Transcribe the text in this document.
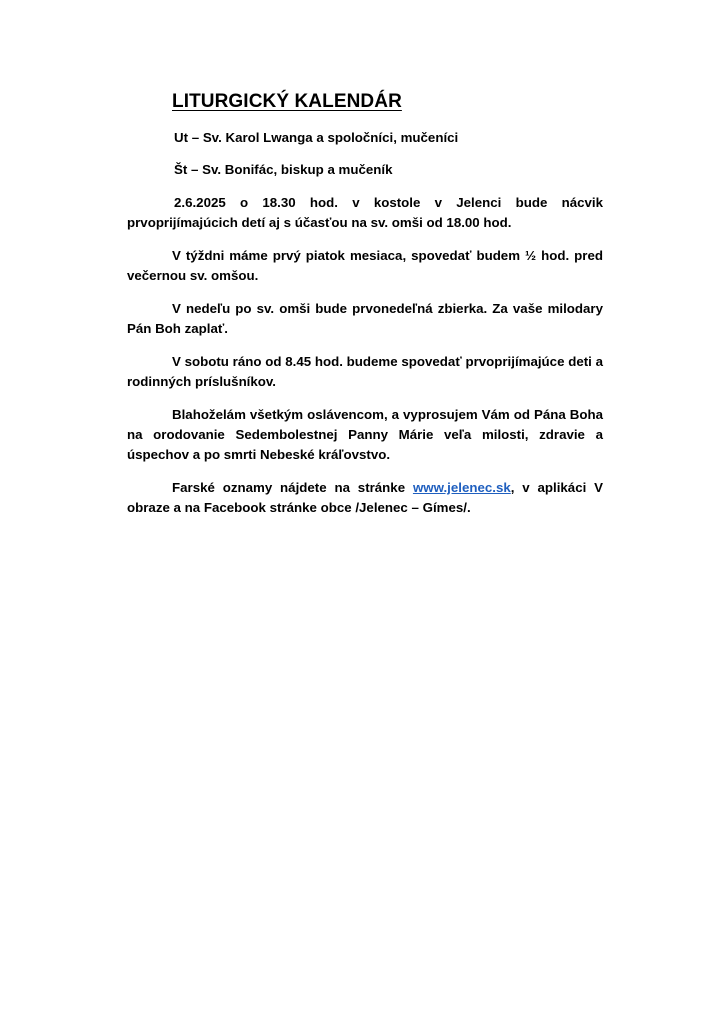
LITURGICKÝ KALENDÁR

Ut – Sv. Karol Lwanga a spoločníci, mučeníci

Št – Sv. Bonifác, biskup a mučeník

2.6.2025 o 18.30 hod. v kostole v Jelenci bude nácvik prvoprijímajúcich detí aj s účasťou na sv. omši od 18.00 hod.

V týždni máme prvý piatok mesiaca, spovedať budem ½ hod. pred večernou sv. omšou.

V nedeľu po sv. omši bude prvonedeľná zbierka. Za vaše milodary Pán Boh zaplať.

V sobotu ráno od 8.45 hod. budeme spovedať prvoprijímajúce deti a rodinných príslušníkov.

Blahoželám všetkým oslávencom, a vyprosujem Vám od Pána Boha na orodovanie Sedembolestnej Panny Márie veľa milosti, zdravie a úspechov a po smrti Nebeské kráľovstvo.

Farské oznamy nájdete na stránke www.jelenec.sk, v aplikáci V obraze a na Facebook stránke obce /Jelenec – Gímes/.
